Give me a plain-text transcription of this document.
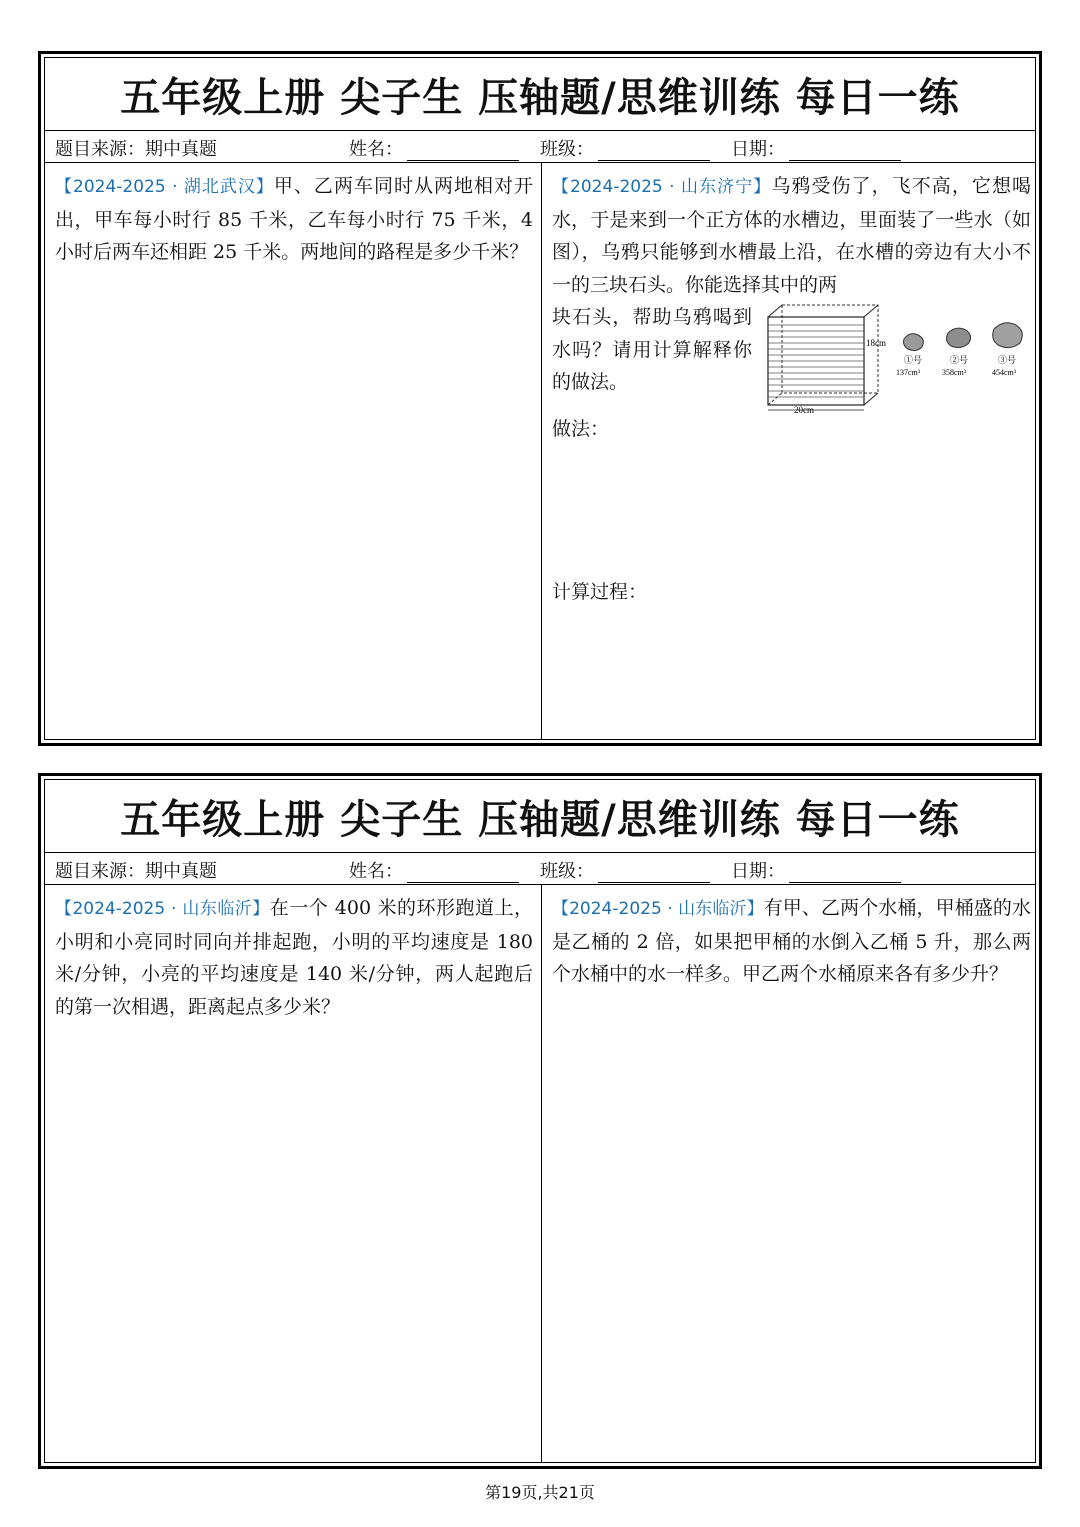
五年级上册 尖子生 压轴题/思维训练 每日一练
题目来源：期中真题	姓名：	班级：	日期：
【2024-2025 · 湖北武汉】甲、乙两车同时从两地相对开出，甲车每小时行 85 千米，乙车每小时行 75 千米，4 小时后两车还相距 25 千米。两地间的路程是多少千米？
【2024-2025 · 山东济宁】乌鸦受伤了，飞不高，它想喝水，于是来到一个正方体的水槽边，里面装了一些水（如图），乌鸦只能够到水槽最上沿，在水槽的旁边有大小不一的三块石头。你能选择其中的两
块石头，帮助乌鸦喝到水吗？请用计算解释你的做法。
18cm
20cm
①号
137cm³
②号
358cm³
③号
454cm³
做法：
计算过程：
五年级上册 尖子生 压轴题/思维训练 每日一练
题目来源：期中真题	姓名：	班级：	日期：
【2024-2025 · 山东临沂】在一个 400 米的环形跑道上，小明和小亮同时同向并排起跑，小明的平均速度是 180 米/分钟，小亮的平均速度是 140 米/分钟，两人起跑后的第一次相遇，距离起点多少米？
【2024-2025 · 山东临沂】有甲、乙两个水桶，甲桶盛的水是乙桶的 2 倍，如果把甲桶的水倒入乙桶 5 升，那么两个水桶中的水一样多。甲乙两个水桶原来各有多少升？
第19页,共21页
